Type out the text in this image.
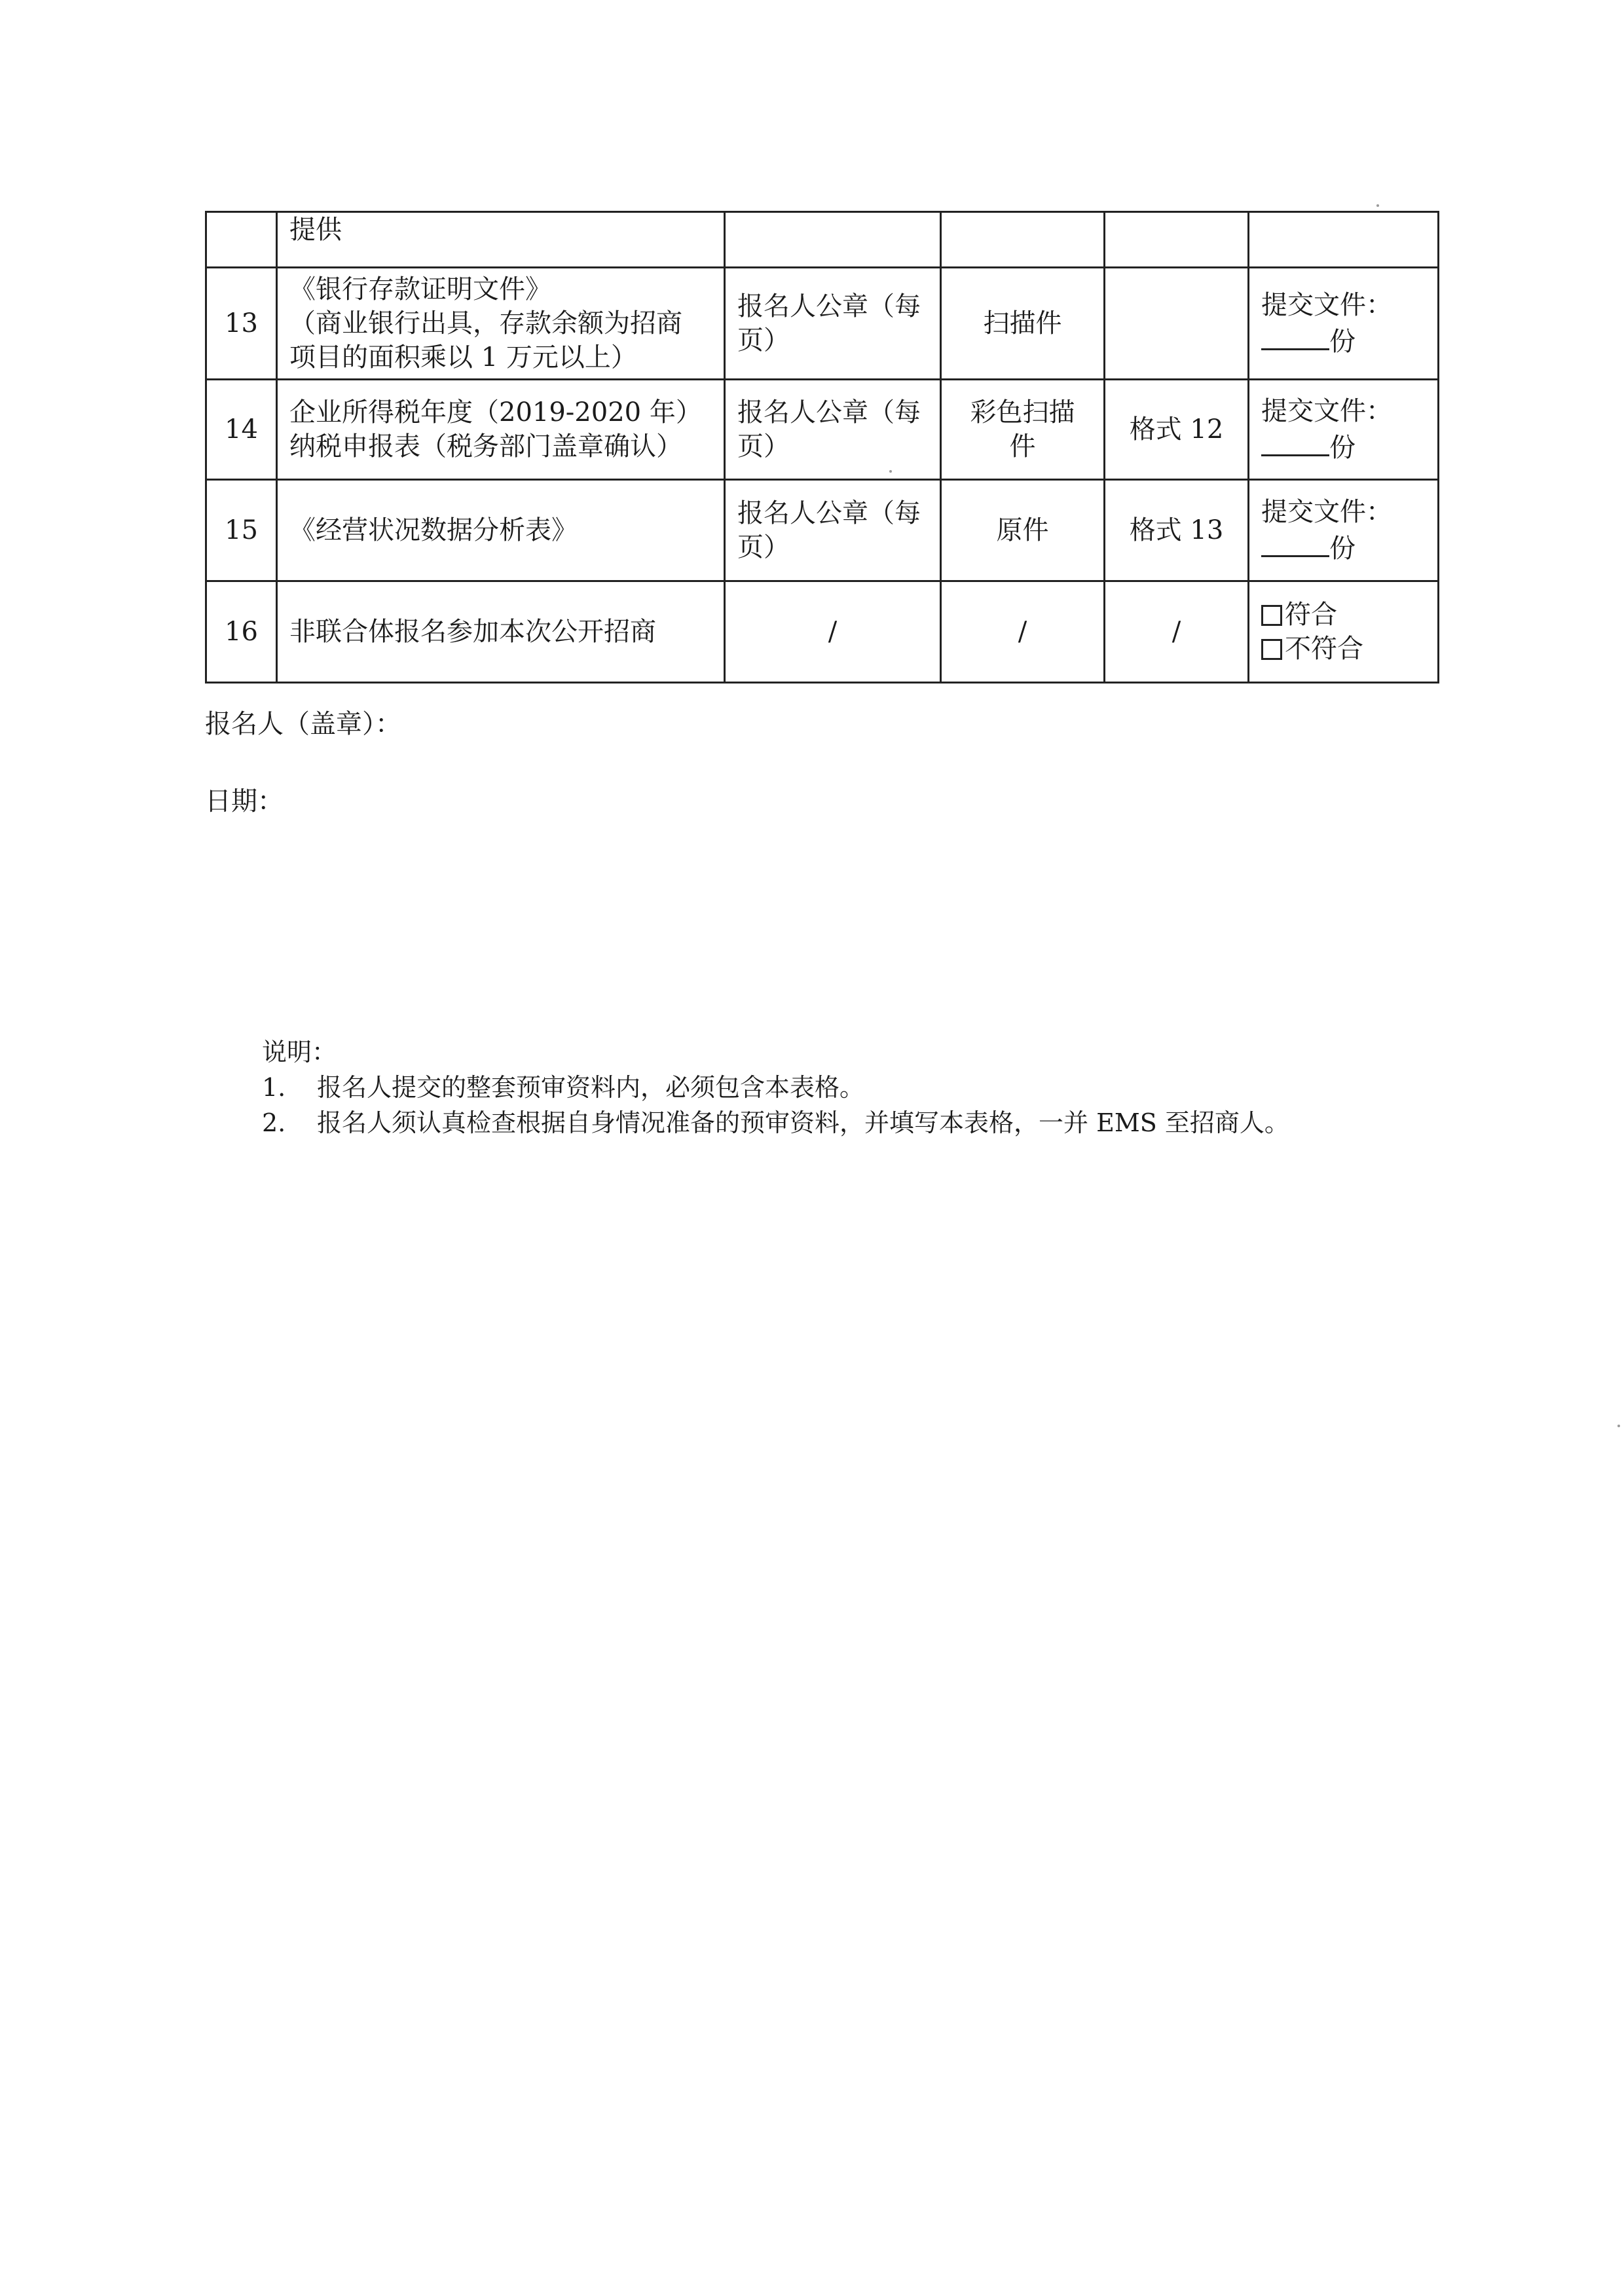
	提供				
13	《银行存款证明文件》
（商业银行出具，存款余额为招商
项目的面积乘以 1 万元以上）	报名人公章（每
页）	扫描件		提交文件：
份

14	企业所得税年度（2019-2020 年）
纳税申报表（税务部门盖章确认）	报名人公章（每
页）	彩色扫描
件	格式 12	提交文件：
份

15	《经营状况数据分析表》	报名人公章（每
页）	原件	格式 13	提交文件：
份

16	非联合体报名参加本次公开招商	/	/	/	符合
不符合
报名人（盖章）：
日期：
说明：
1. 报名人提交的整套预审资料内，必须包含本表格。
2. 报名人须认真检查根据自身情况准备的预审资料，并填写本表格，一并 EMS 至招商人。
